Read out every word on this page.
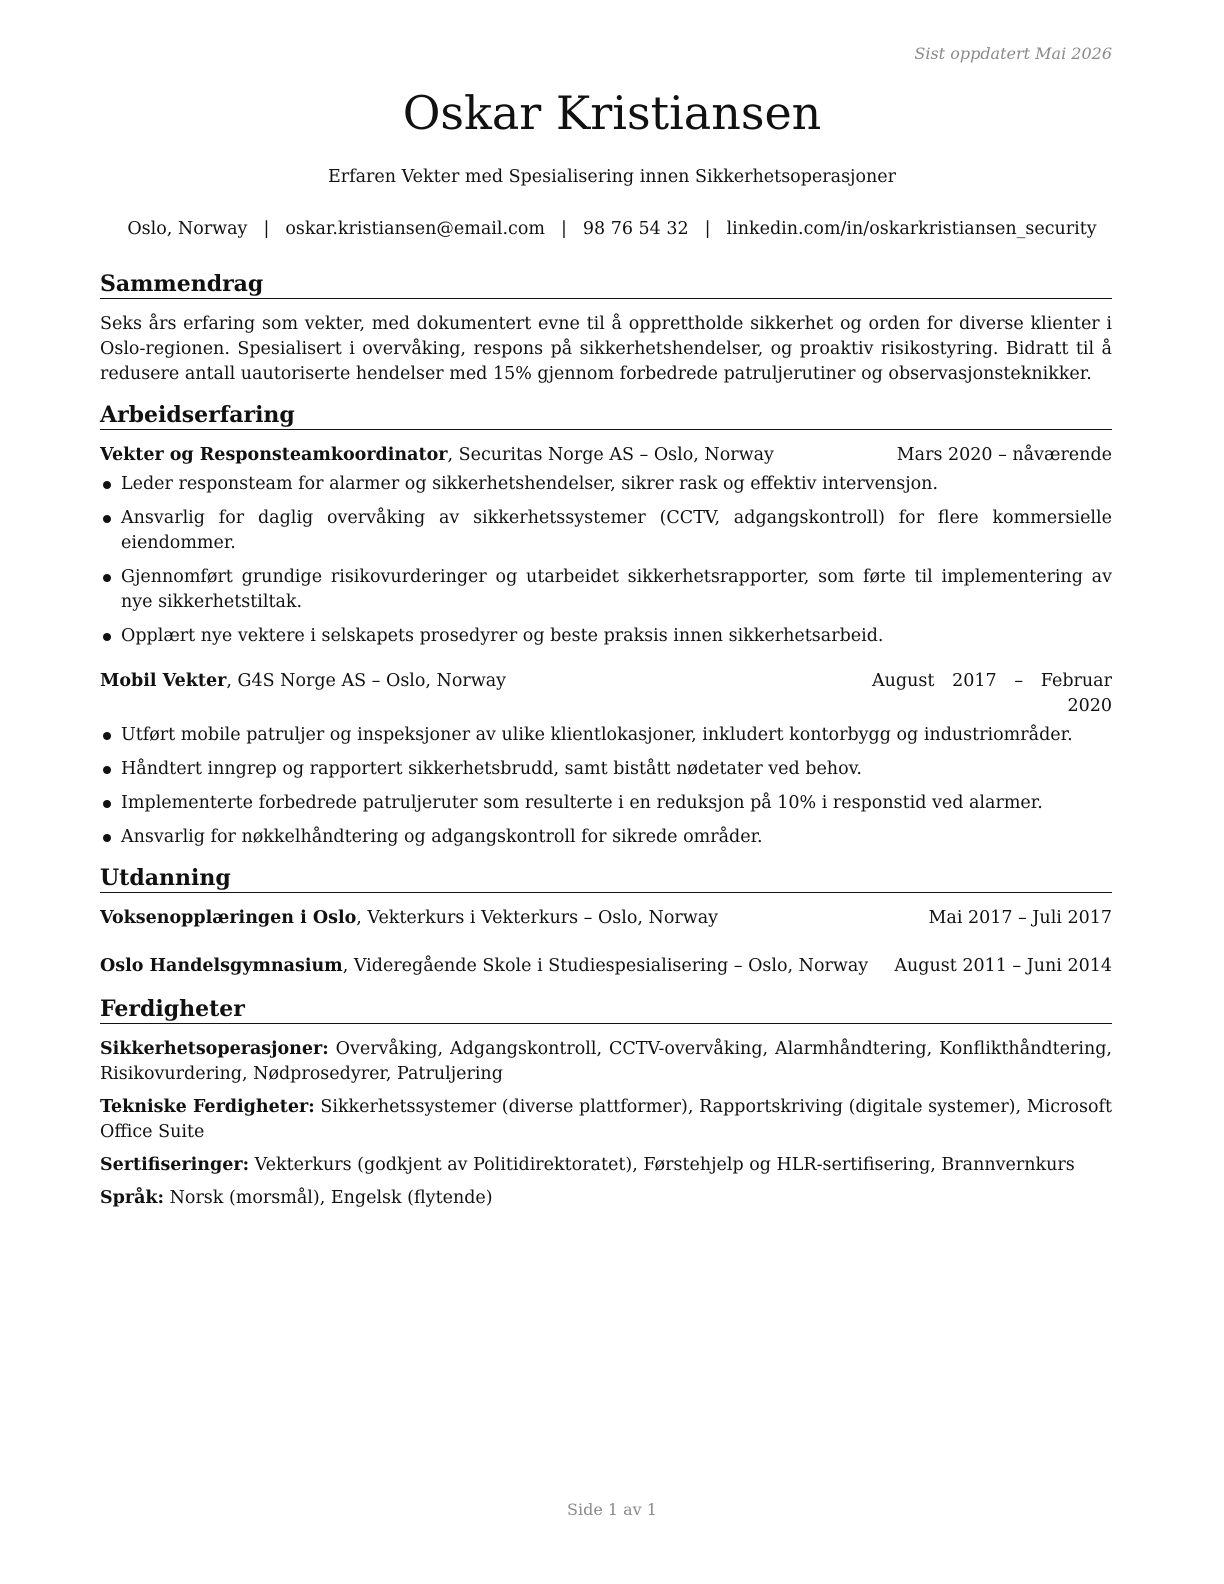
Sist oppdatert Mai 2026
Oskar Kristiansen
Erfaren Vekter med Spesialisering innen Sikkerhetsoperasjoner
Oslo, Norway | oskar.kristiansen@email.com | 98 76 54 32 | linkedin.com/in/oskarkristiansen_security
Sammendrag
Seks års erfaring som vekter, med dokumentert evne til å opprettholde sikkerhet og orden for diverse klienter i Oslo-regionen. Spesialisert i overvåking, respons på sikkerhetshendelser, og proaktiv risikostyring. Bidratt til å redusere antall uautoriserte hendelser med 15% gjennom forbedrede patruljerutiner og observasjonsteknikker.
Arbeidserfaring
Vekter og Responsteamkoordinator, Securitas Norge AS – Oslo, Norway	Mars 2020 – nåværende
Leder responsteam for alarmer og sikkerhetshendelser, sikrer rask og effektiv intervensjon.
Ansvarlig for daglig overvåking av sikkerhetssystemer (CCTV, adgangskontroll) for flere kommersielle eiendommer.
Gjennomført grundige risikovurderinger og utarbeidet sikkerhetsrapporter, som førte til implementering av nye sikkerhetstiltak.
Opplært nye vektere i selskapets prosedyrer og beste praksis innen sikkerhetsarbeid.
Mobil Vekter, G4S Norge AS – Oslo, Norway	August 2017 – Februar 2020
Utført mobile patruljer og inspeksjoner av ulike klientlokasjoner, inkludert kontorbygg og industriområder.
Håndtert inngrep og rapportert sikkerhetsbrudd, samt bistått nødetater ved behov.
Implementerte forbedrede patruljeruter som resulterte i en reduksjon på 10% i responstid ved alarmer.
Ansvarlig for nøkkelhåndtering og adgangskontroll for sikrede områder.
Utdanning
Voksenopplæringen i Oslo, Vekterkurs i Vekterkurs – Oslo, Norway	Mai 2017 – Juli 2017
Oslo Handelsgymnasium, Videregående Skole i Studiespesialisering – Oslo, Norway August 2011 – Juni 2014
Ferdigheter
Sikkerhetsoperasjoner: Overvåking, Adgangskontroll, CCTV-overvåking, Alarmhåndtering, Konflikthåndtering, Risikovurdering, Nødprosedyrer, Patruljering
Tekniske Ferdigheter: Sikkerhetssystemer (diverse plattformer), Rapportskriving (digitale systemer), Microsoft Office Suite
Sertifiseringer: Vekterkurs (godkjent av Politidirektoratet), Førstehjelp og HLR-sertifisering, Brannvernkurs
Språk: Norsk (morsmål), Engelsk (flytende)
Side 1 av 1
